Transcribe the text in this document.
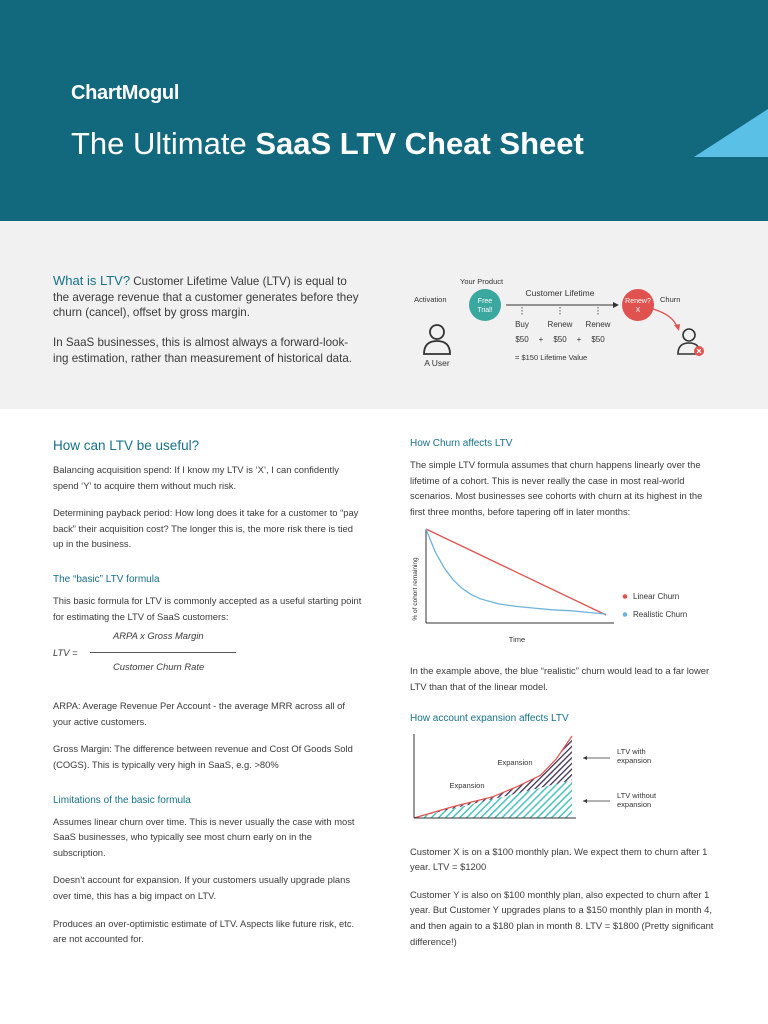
ChartMogul
The Ultimate SaaS LTV Cheat Sheet
What is LTV? Customer Lifetime Value (LTV) is equal to the average revenue that a customer generates before they churn (cancel), offset by gross margin.
In SaaS businesses, this is almost always a forward-look-ing estimation, rather than measurement of historical data.
Your Product
Activation	Free
Trial!
Customer Lifetime
Renew?
X
Churn
Buy Renew Renew
$50 + $50 + $50
= $150 Lifetime Value
A User
How can LTV be useful?
Balancing acquisition spend: If I know my LTV is ‘X’, I can confidently spend ‘Y’ to acquire them without much risk.
Determining payback period: How long does it take for a customer to “pay back” their acquisition cost? The longer this is, the more risk there is tied up in the business.
The “basic” LTV formula
This basic formula for LTV is commonly accepted as a useful starting point for estimating the LTV of SaaS customers:
LTV =
ARPA x Gross Margin
Customer Churn Rate
ARPA: Average Revenue Per Account - the average MRR across all of your active customers.
Gross Margin: The difference between revenue and Cost Of Goods Sold (COGS). This is typically very high in SaaS, e.g. >80%
Limitations of the basic formula
Assumes linear churn over time. This is never usually the case with most SaaS businesses, who typically see most churn early on in the subscription.
Doesn’t account for expansion. If your customers usually upgrade plans over time, this has a big impact on LTV.
Produces an over-optimistic estimate of LTV. Aspects like future risk, etc. are not accounted for.
How Churn affects LTV
The simple LTV formula assumes that churn happens linearly over the lifetime of a cohort. This is never really the case in most real-world scenarios. Most businesses see cohorts with churn at its highest in the first three months, before tapering off in later months:
Linear Churn
Realistic Churn
Time
% of cohort remaining
In the example above, the blue “realistic” churn would lead to a far lower LTV than that of the linear model.
How account expansion affects LTV
Expansion
Expansion
LTV with
expansion
LTV without
expansion
Customer X is on a $100 monthly plan. We expect them to churn after 1 year. LTV = $1200
Customer Y is also on $100 monthly plan, also expected to churn after 1 year. But Customer Y upgrades plans to a $150 monthly plan in month 4, and then again to a $180 plan in month 8. LTV = $1800 (Pretty significant difference!)
